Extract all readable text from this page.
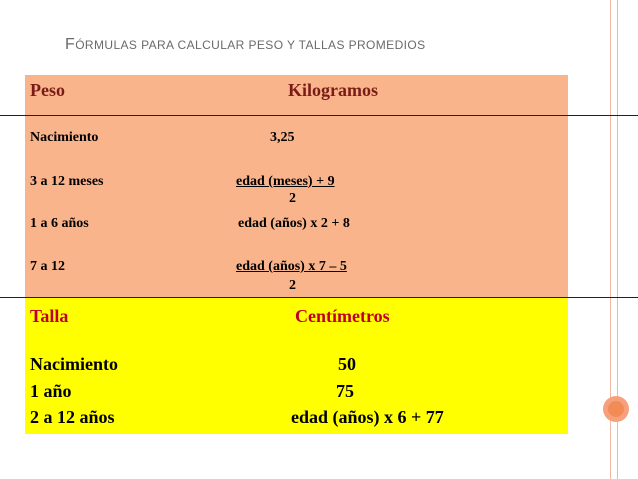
FÓRMULAS PARA CALCULAR PESO Y TALLAS PROMEDIOS
Peso	Kilogramos
Nacimiento	3,25
3 a 12 meses	edad (meses) + 9
2
1 a 6 años	edad (años) x 2 + 8
7 a 12	edad (años) x 7 – 5
2
Talla	Centímetros
Nacimiento	50
1 año	75
2 a 12 años	edad (años) x 6 + 77
